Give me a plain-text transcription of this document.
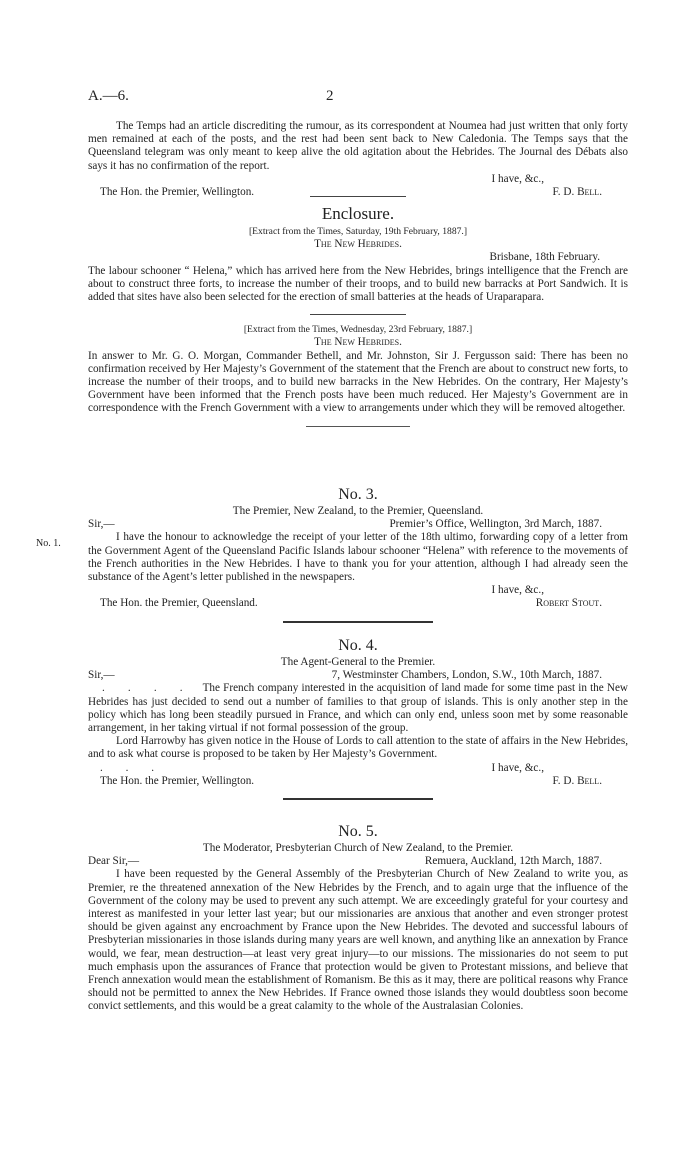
A.—6.	2

The Temps had an article discrediting the rumour, as its correspondent at Noumea had just written that only forty men remained at each of the posts, and the rest had been sent back to New Caledonia. The Temps says that the Queensland telegram was only meant to keep alive the old agitation about the Hebrides. The Journal des Débats also says it has no confirmation of the report.

I have, &c.,
The Hon. the Premier, Wellington.	F. D. Bell.
Enclosure.
[Extract from the Times, Saturday, 19th February, 1887.]
The New Hebrides.
Brisbane, 18th February.

The labour schooner “ Helena,” which has arrived here from the New Hebrides, brings intelligence that the French are about to construct three forts, to increase the number of their troops, and to build new barracks at Port Sandwich. It is added that sites have also been selected for the erection of small batteries at the heads of Uraparapara.

[Extract from the Times, Wednesday, 23rd February, 1887.]
The New Hebrides.

In answer to Mr. G. O. Morgan, Commander Bethell, and Mr. Johnston, Sir J. Fergusson said: There has been no confirmation received by Her Majesty’s Government of the statement that the French are about to construct new forts, to increase the number of their troops, and to build new barracks in the New Hebrides. On the contrary, Her Majesty’s Government have been informed that the French posts have been much reduced. Her Majesty’s Government are in correspondence with the French Government with a view to arrangements under which they will be removed altogether.

No. 3.
The Premier, New Zealand, to the Premier, Queensland.
Sir,—	Premier’s Office, Wellington, 3rd March, 1887.

I have the honour to acknowledge the receipt of your letter of the 18th ultimo, forwarding copy of a letter from the Government Agent of the Queensland Pacific Islands labour schooner “Helena” with reference to the movements of the French authorities in the New Hebrides. I have to thank you for your attention, although I had already seen the substance of the Agent’s letter published in the newspapers.

I have, &c.,
The Hon. the Premier, Queensland.	Robert Stout.
No. 1.
No. 4.
The Agent-General to the Premier.
Sir,—	7, Westminster Chambers, London, S.W., 10th March, 1887.

. . . . The French company interested in the acquisition of land made for some time past in the New Hebrides has just decided to send out a number of families to that group of islands. This is only another step in the policy which has long been steadily pursued in France, and which can only end, unless soon met by some reasonable arrangement, in her taking virtual if not formal possession of the group.

Lord Harrowby has given notice in the House of Lords to call attention to the state of affairs in the New Hebrides, and to ask what course is proposed to be taken by Her Majesty’s Government.

. . .	I have, &c.,
The Hon. the Premier, Wellington.	F. D. Bell.
No. 5.
The Moderator, Presbyterian Church of New Zealand, to the Premier.
Dear Sir,—	Remuera, Auckland, 12th March, 1887.

I have been requested by the General Assembly of the Presbyterian Church of New Zealand to write you, as Premier, re the threatened annexation of the New Hebrides by the French, and to again urge that the influence of the Government of the colony may be used to prevent any such attempt. We are exceedingly grateful for your courtesy and interest as manifested in your letter last year; but our missionaries are anxious that another and even stronger protest should be given against any encroachment by France upon the New Hebrides. The devoted and successful labours of Presbyterian missionaries in those islands during many years are well known, and anything like an annexation by France would, we fear, mean destruction—at least very great injury—to our missions. The missionaries do not seem to put much emphasis upon the assurances of France that protection would be given to Protestant missions, and believe that French annexation would mean the establishment of Romanism. Be this as it may, there are political reasons why France should not be permitted to annex the New Hebrides. If France owned those islands they would doubtless soon become convict settlements, and this would be a great calamity to the whole of the Australasian Colonies.
